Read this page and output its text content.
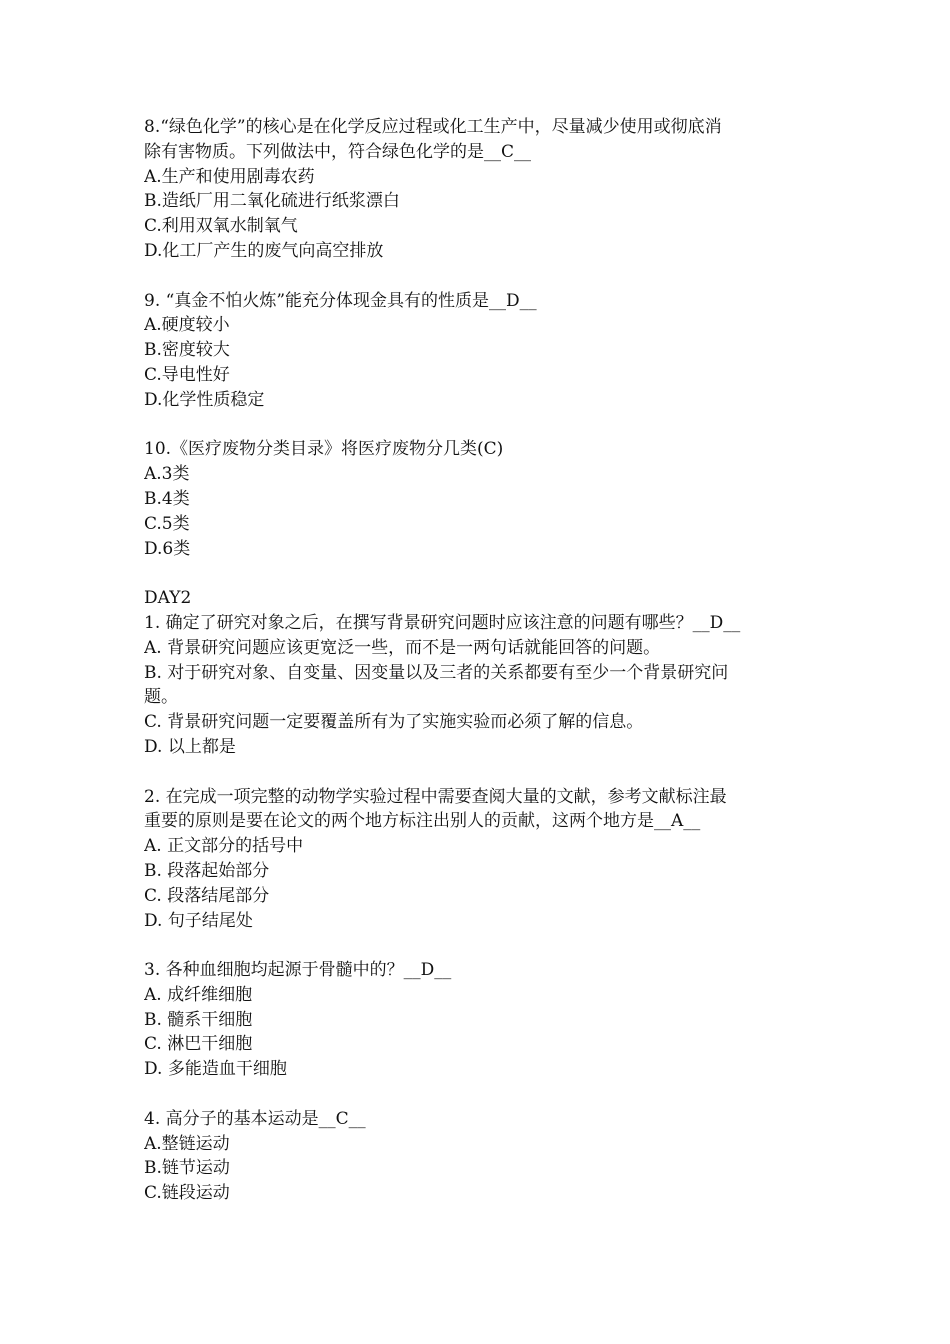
8.“绿色化学”的核心是在化学反应过程或化工生产中，尽量减少使用或彻底消
除有害物质。下列做法中，符合绿色化学的是__C__
A.生产和使用剧毒农药
B.造纸厂用二氧化硫进行纸浆漂白
C.利用双氧水制氧气
D.化工厂产生的废气向高空排放
9. “真金不怕火炼”能充分体现金具有的性质是__D__
A.硬度较小
B.密度较大
C.导电性好
D.化学性质稳定
10.《医疗废物分类目录》将医疗废物分几类(C)
A.3类
B.4类
C.5类
D.6类
DAY2
1. 确定了研究对象之后，在撰写背景研究问题时应该注意的问题有哪些？__D__
A. 背景研究问题应该更宽泛一些，而不是一两句话就能回答的问题。
B. 对于研究对象、自变量、因变量以及三者的关系都要有至少一个背景研究问
题。
C. 背景研究问题一定要覆盖所有为了实施实验而必须了解的信息。
D. 以上都是
2. 在完成一项完整的动物学实验过程中需要查阅大量的文献，参考文献标注最
重要的原则是要在论文的两个地方标注出别人的贡献，这两个地方是__A__
A. 正文部分的括号中
B. 段落起始部分
C. 段落结尾部分
D. 句子结尾处
3. 各种血细胞均起源于骨髓中的？__D__
A. 成纤维细胞
B. 髓系干细胞
C. 淋巴干细胞
D. 多能造血干细胞
4. 高分子的基本运动是__C__
A.整链运动
B.链节运动
C.链段运动
